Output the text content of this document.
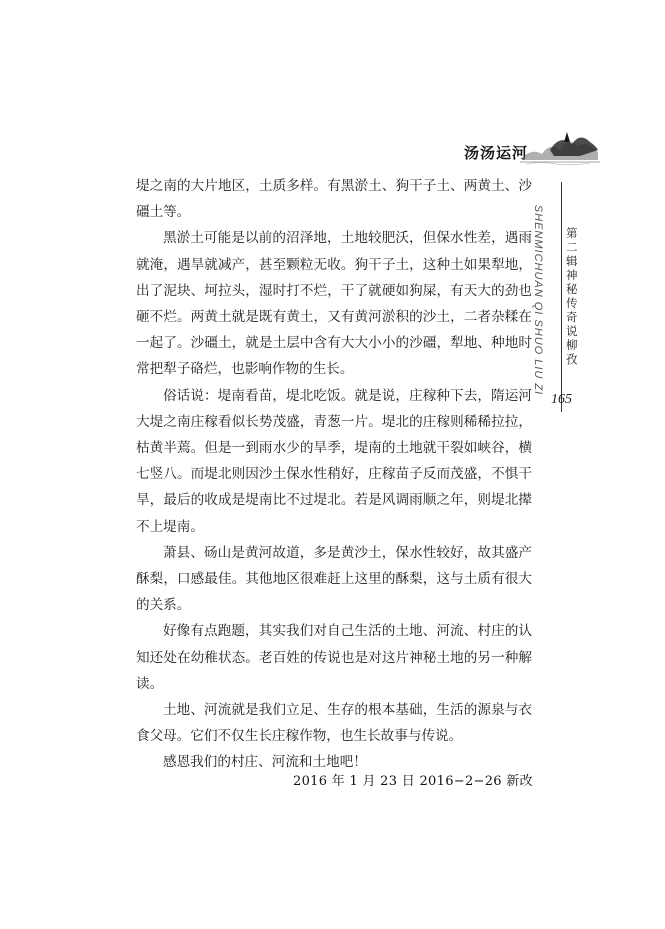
汤汤运河
SHENMICHUAN QI SHUO LIU ZI 第二辑 神秘传奇说柳孜
165

堤之南的大片地区，土质多样。有黑淤土、狗干子土、两黄土、沙礓土等。

黑淤土可能是以前的沼泽地，土地较肥沃，但保水性差，遇雨就淹，遇旱就减产，甚至颗粒无收。狗干子土，这种土如果犁地，出了泥块、坷拉头，湿时打不烂，干了就硬如狗屎，有天大的劲也砸不烂。两黄土就是既有黄土，又有黄河淤积的沙土，二者杂糅在一起了。沙礓土，就是土层中含有大大小小的沙礓，犁地、种地时常把犁子硌烂，也影响作物的生长。

俗话说：堤南看苗，堤北吃饭。就是说，庄稼种下去，隋运河大堤之南庄稼看似长势茂盛，青葱一片。堤北的庄稼则稀稀拉拉，枯黄半蔫。但是一到雨水少的旱季，堤南的土地就干裂如峡谷，横七竖八。而堤北则因沙土保水性稍好，庄稼苗子反而茂盛，不惧干旱，最后的收成是堤南比不过堤北。若是风调雨顺之年，则堤北撵不上堤南。

萧县、砀山是黄河故道，多是黄沙土，保水性较好，故其盛产酥梨，口感最佳。其他地区很难赶上这里的酥梨，这与土质有很大的关系。

好像有点跑题，其实我们对自己生活的土地、河流、村庄的认知还处在幼稚状态。老百姓的传说也是对这片神秘土地的另一种解读。

土地、河流就是我们立足、生存的根本基础，生活的源泉与衣食父母。它们不仅生长庄稼作物，也生长故事与传说。

感恩我们的村庄、河流和土地吧！

2016 年 1 月 23 日 2016−2−26 新改
